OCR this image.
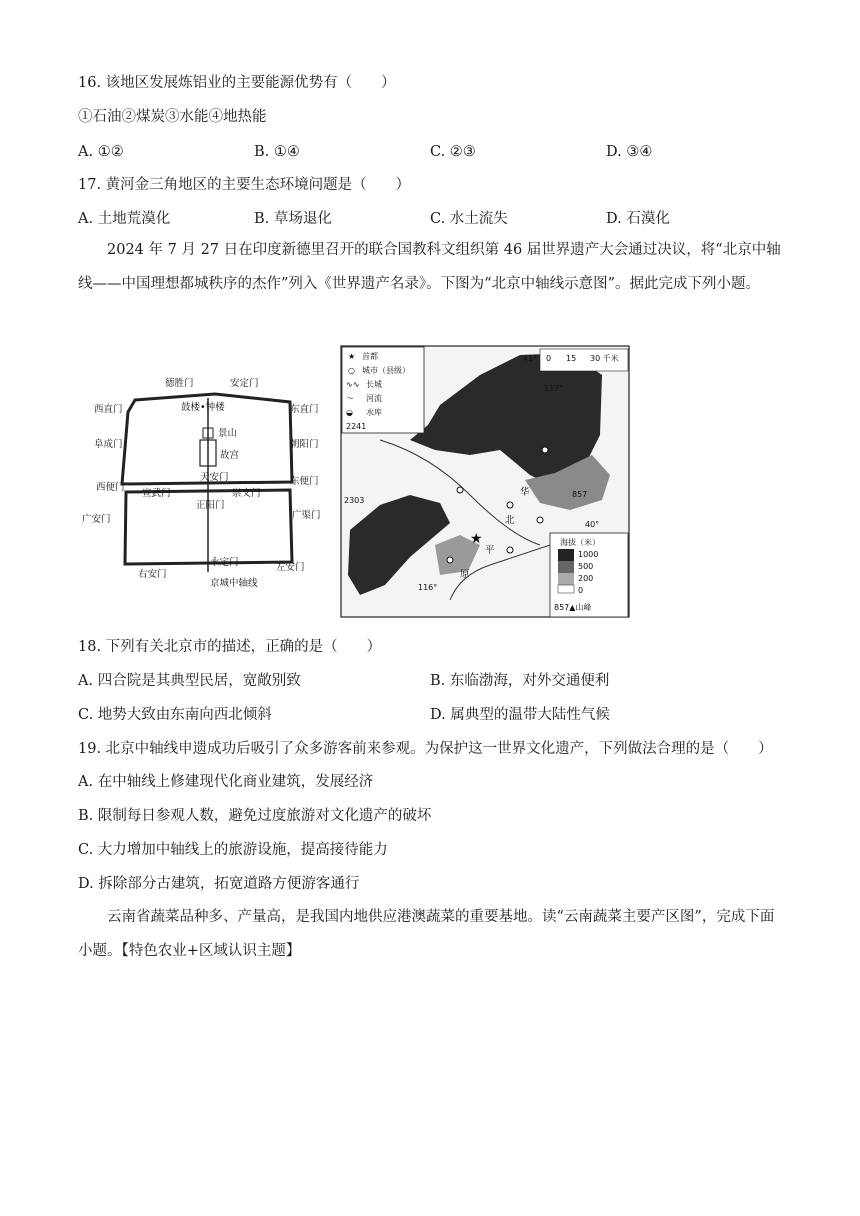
16. 该地区发展炼铝业的主要能源优势有（　　）
①石油②煤炭③水能④地热能
A. ①②	B. ①④	C. ②③	D. ③④
17. 黄河金三角地区的主要生态环境问题是（　　）
A. 土地荒漠化	B. 草场退化	C. 水土流失	D. 石漠化
2024 年 7 月 27 日在印度新德里召开的联合国教科文组织第 46 届世界遗产大会通过决议，将“北京中轴线——中国理想都城秩序的杰作”列入《世界遗产名录》。下图为“北京中轴线示意图”。据此完成下列小题。
德胜门	安定门
西直门	东直门
鼓楼•钟楼
阜成门	朝阳门
景山
故宫
天安门
西便门
东便门
宣武门	崇文门
正阳门
广安门	广渠门
永定门
右安门
左安门
京城中轴线
★ 首都
○ 城市（县级）
∿∿ 长城
〜 河流
◒ 水库
2241
41° 0 15 30 千米
117°
2303
857
40°
116°
★
华
北
平
原
海拔（米）
1000
500
200
0
857▲山峰
18. 下列有关北京市的描述，正确的是（　　）
A. 四合院是其典型民居，宽敞别致	B. 东临渤海，对外交通便利
C. 地势大致由东南向西北倾斜	D. 属典型的温带大陆性气候
19. 北京中轴线申遗成功后吸引了众多游客前来参观。为保护这一世界文化遗产，下列做法合理的是（　　）
A. 在中轴线上修建现代化商业建筑，发展经济
B. 限制每日参观人数，避免过度旅游对文化遗产的破坏
C. 大力增加中轴线上的旅游设施，提高接待能力
D. 拆除部分古建筑，拓宽道路方便游客通行
云南省蔬菜品种多、产量高，是我国内地供应港澳蔬菜的重要基地。读“云南蔬菜主要产区图”，完成下面小题。【特色农业+区域认识主题】
